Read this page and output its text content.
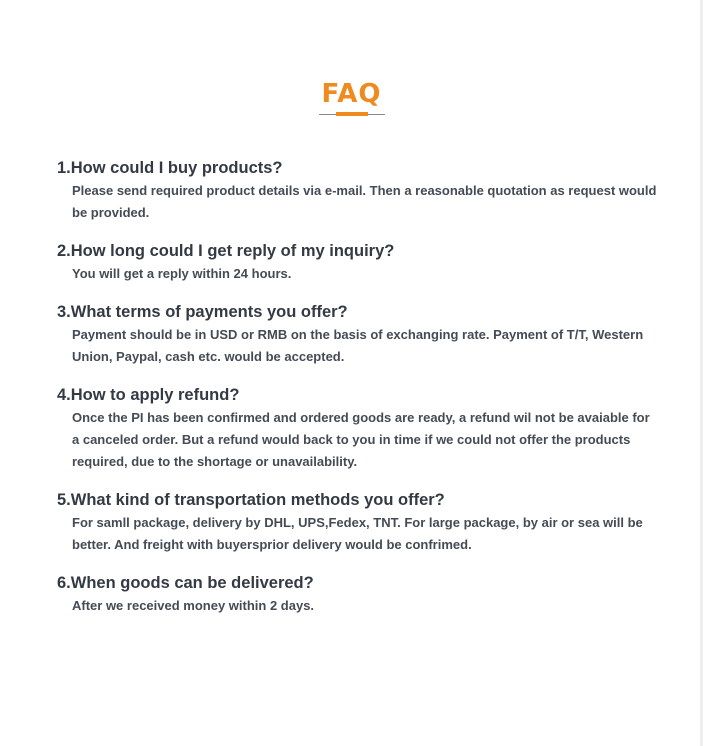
FAQ
1.How could I buy products?
Please send required product details via e-mail. Then a reasonable quotation as request would be provided.
2.How long could I get reply of my inquiry?
You will get a reply within 24 hours.
3.What terms of payments you offer?
Payment should be in USD or RMB on the basis of exchanging rate. Payment of T/T, Western Union, Paypal, cash etc. would be accepted.
4.How to apply refund?
Once the PI has been confirmed and ordered goods are ready, a refund wil not be avaiable for a canceled order. But a refund would back to you in time if we could not offer the products required, due to the shortage or unavailability.
5.What kind of transportation methods you offer?
For samll package, delivery by DHL, UPS,Fedex, TNT. For large package, by air or sea will be better. And freight with buyersprior delivery would be confrimed.
6.When goods can be delivered?
After we received money within 2 days.
